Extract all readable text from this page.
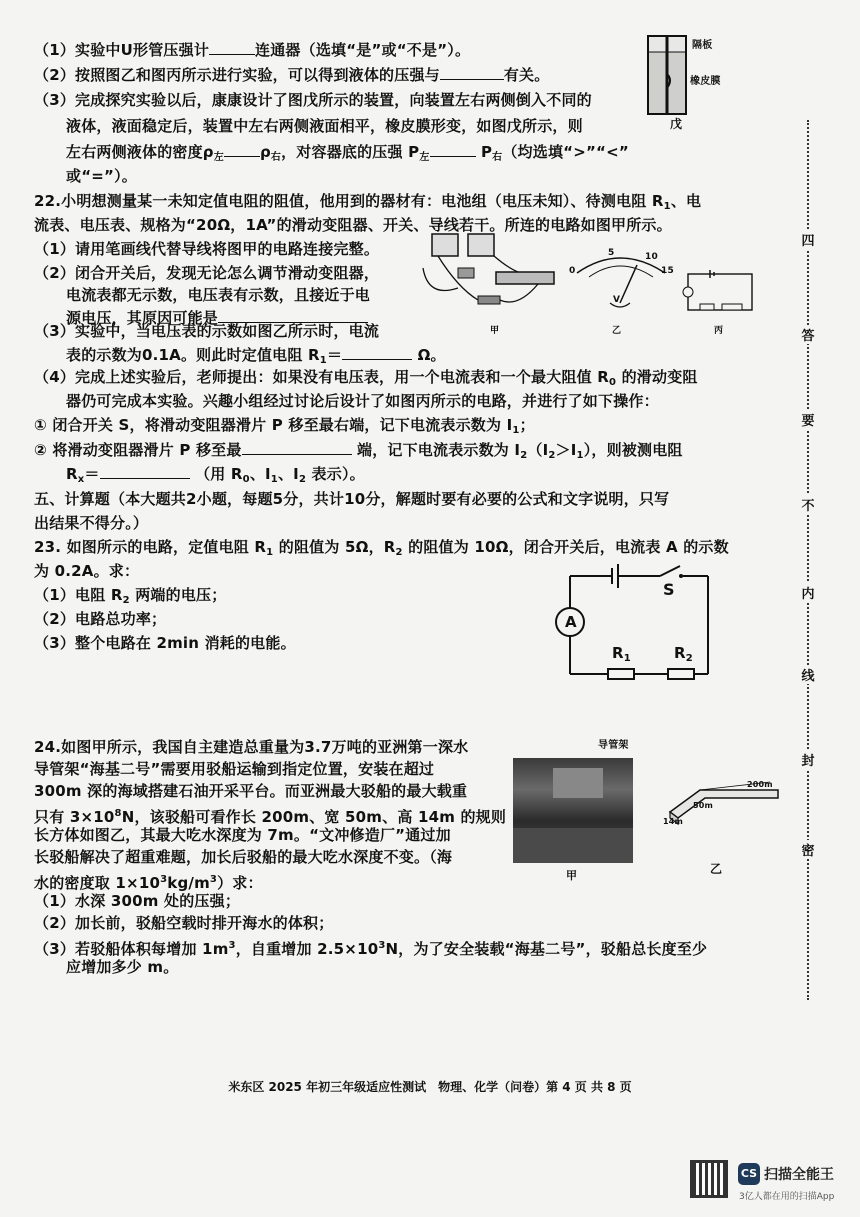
（1）实验中U形管压强计	连通器（选填“是”或“不是”）。
（2）按照图乙和图丙所示进行实验，可以得到液体的压强与	有关。
（3）完成探究实验以后，康康设计了图戊所示的装置，向装置左右两侧倒入不同的
液体，液面稳定后，装置中左右两侧液面相平，橡皮膜形变，如图戊所示，则
左右两侧液体的密度$\rho_左$ $\rho_右$，对容器底的压强 $P_左$	$P_右$（均选填“>”“<”
或“=”）。
隔板
橡皮膜
戊
22.小明想测量某一未知定值电阻的阻值，他用到的器材有：电池组（电压未知）、待测电阻 $R_1$、电
流表、电压表、规格为“20Ω，1A”的滑动变阻器、开关、导线若干。所连的电路如图甲所示。
（1）请用笔画线代替导线将图甲的电路连接完整。
（2）闭合开关后，发现无论怎么调节滑动变阻器，
电流表都无示数，电压表有示数，且接近于电
源电压，其原因可能是
（3）实验中，当电压表的示数如图乙所示时，电流
表的示数为0.1A。则此时定值电阻 $R_1=$	Ω。
甲
5	10
0	15
V
乙	丙
（4）完成上述实验后，老师提出：如果没有电压表，用一个电流表和一个最大阻值 $R_0$ 的滑动变阻
器仍可完成本实验。兴趣小组经过讨论后设计了如图丙所示的电路，并进行了如下操作：
① 闭合开关 S，将滑动变阻器滑片 P 移至最右端，记下电流表示数为 $I_1$；
② 将滑动变阻器滑片 P 移至最	端，记下电流表示数为 $I_2(I_2>I_1)$，则被测电阻
$R_x=$	（用 $R_0$、$I_1$、$I_2$ 表示）。
五、计算题（本大题共2小题，每题5分，共计10分，解题时要有必要的公式和文字说明，只写
出结果不得分。）
23. 如图所示的电路，定值电阻 $R_1$ 的阻值为 5Ω，$R_2$ 的阻值为 10Ω，闭合开关后，电流表 A 的示数
为 0.2A。求：
（1）电阻 $R_2$ 两端的电压；
（2）电路总功率；
（3）整个电路在 2min 消耗的电能。
S
A
$R_1$	$R_2$
24.如图甲所示，我国自主建造总重量为3.7万吨的亚洲第一深水
导管架“海基二号”需要用驳船运输到指定位置，安装在超过
300m 深的海域搭建石油开采平台。而亚洲最大驳船的最大载重
只有 $3\times 10^8N$，该驳船可看作长 200m、宽 50m、高 14m 的规则
长方体如图乙，其最大吃水深度为 7m。“文冲修造厂”通过加
长驳船解决了超重难题，加长后驳船的最大吃水深度不变。（海
水的密度取 $1\times 10^3kg/m^3$）求：
（1）水深 300m 处的压强；
（2）加长前，驳船空载时排开海水的体积；
（3）若驳船体积每增加 $1m^3$，自重增加 $2.5\times 10^3N$，为了安全装载“海基二号”，驳船总长度至少
应增加多少 m。
导管架
甲
200m
50m
14m
乙
四
答
要
不
内
线
封
密
米东区 2025 年初三年级适应性测试　物理、化学（问卷）第 4 页 共 8 页
CS 扫描全能王
3亿人都在用的扫描App
